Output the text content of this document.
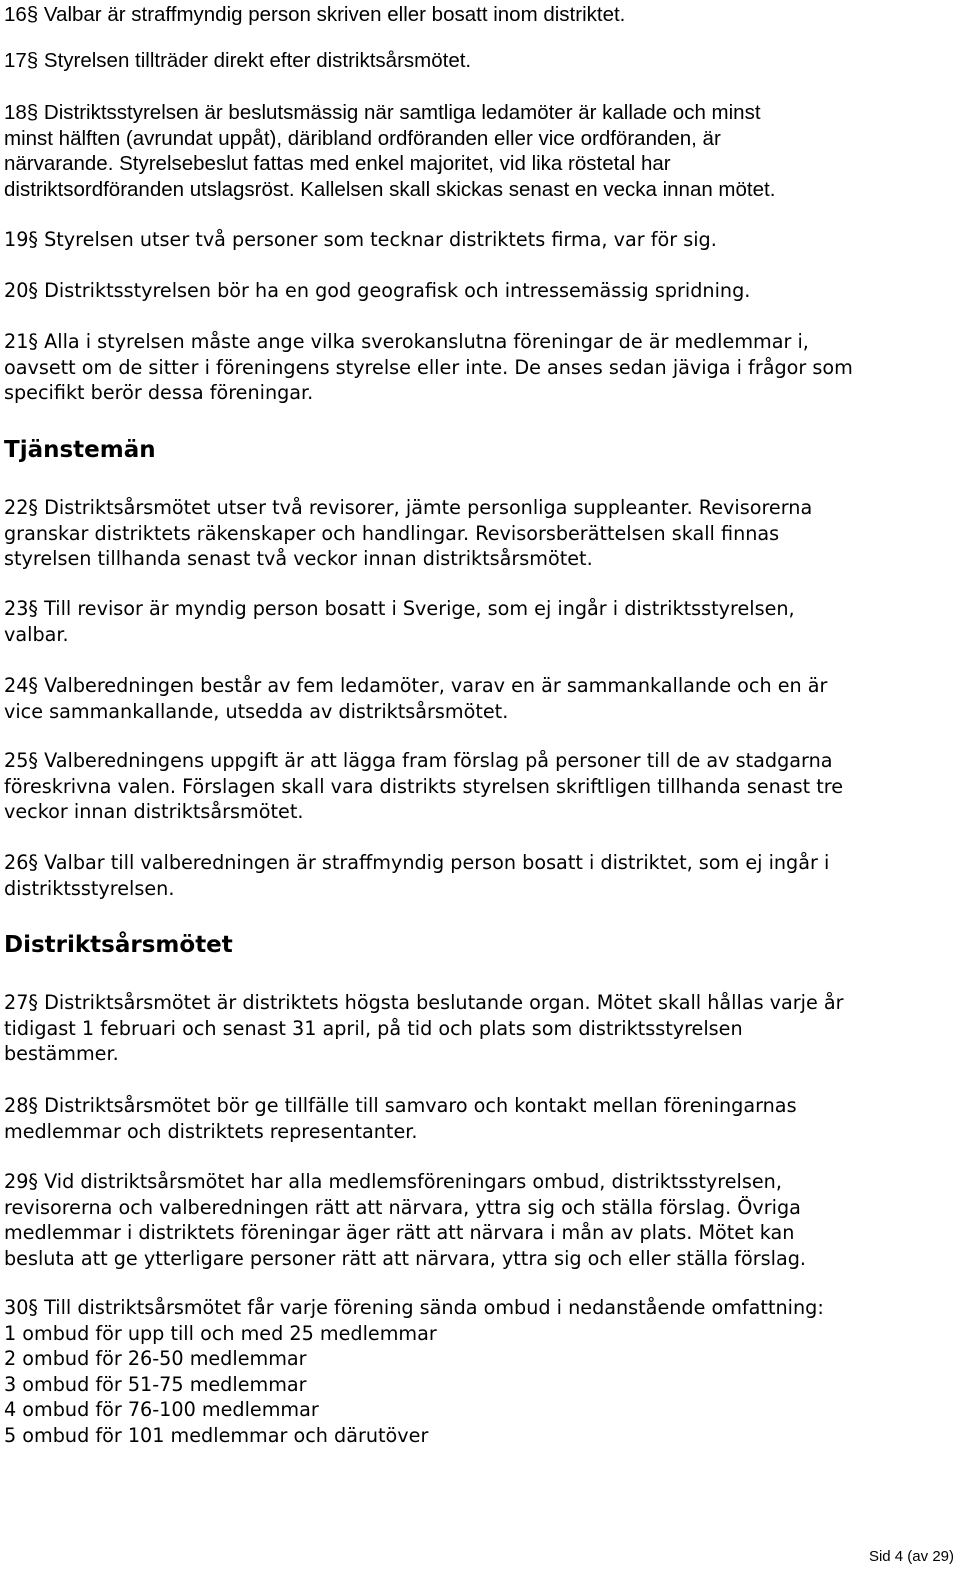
16§ Valbar är straffmyndig person skriven eller bosatt inom distriktet.

17§ Styrelsen tillträder direkt efter distriktsårsmötet.

18§ Distriktsstyrelsen är beslutsmässig när samtliga ledamöter är kallade och minst
minst hälften (avrundat uppåt), däribland ordföranden eller vice ordföranden, är
närvarande. Styrelsebeslut fattas med enkel majoritet, vid lika röstetal har
distriktsordföranden utslagsröst. Kallelsen skall skickas senast en vecka innan mötet.

19§ Styrelsen utser två personer som tecknar distriktets firma, var för sig.

20§ Distriktsstyrelsen bör ha en god geografisk och intressemässig spridning.

21§ Alla i styrelsen måste ange vilka sverokanslutna föreningar de är medlemmar i,
oavsett om de sitter i föreningens styrelse eller inte. De anses sedan jäviga i frågor som
specifikt berör dessa föreningar.

Tjänstemän

22§ Distriktsårsmötet utser två revisorer, jämte personliga suppleanter. Revisorerna
granskar distriktets räkenskaper och handlingar. Revisorsberättelsen skall finnas
styrelsen tillhanda senast två veckor innan distriktsårsmötet.

23§ Till revisor är myndig person bosatt i Sverige, som ej ingår i distriktsstyrelsen,
valbar.

24§ Valberedningen består av fem ledamöter, varav en är sammankallande och en är
vice sammankallande, utsedda av distriktsårsmötet.

25§ Valberedningens uppgift är att lägga fram förslag på personer till de av stadgarna
föreskrivna valen. Förslagen skall vara distrikts styrelsen skriftligen tillhanda senast tre
veckor innan distriktsårsmötet.

26§ Valbar till valberedningen är straffmyndig person bosatt i distriktet, som ej ingår i
distriktsstyrelsen.

Distriktsårsmötet

27§ Distriktsårsmötet är distriktets högsta beslutande organ. Mötet skall hållas varje år
tidigast 1 februari och senast 31 april, på tid och plats som distriktsstyrelsen
bestämmer.

28§ Distriktsårsmötet bör ge tillfälle till samvaro och kontakt mellan föreningarnas
medlemmar och distriktets representanter.

29§ Vid distriktsårsmötet har alla medlemsföreningars ombud, distriktsstyrelsen,
revisorerna och valberedningen rätt att närvara, yttra sig och ställa förslag. Övriga
medlemmar i distriktets föreningar äger rätt att närvara i mån av plats. Mötet kan
besluta att ge ytterligare personer rätt att närvara, yttra sig och eller ställa förslag.

30§ Till distriktsårsmötet får varje förening sända ombud i nedanstående omfattning:
1 ombud för upp till och med 25 medlemmar
2 ombud för 26-50 medlemmar
3 ombud för 51-75 medlemmar
4 ombud för 76-100 medlemmar
5 ombud för 101 medlemmar och därutöver

Sid 4 (av 29)
